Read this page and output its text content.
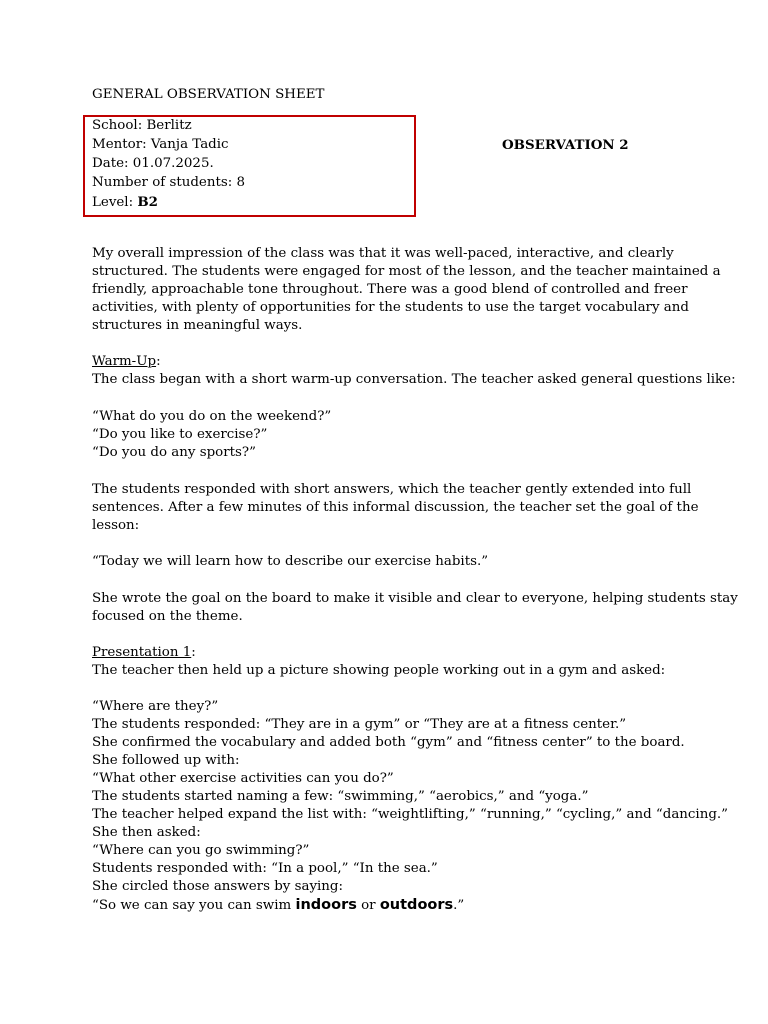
GENERAL OBSERVATION SHEET
School: Berlitz
Mentor: Vanja Tadic
Date: 01.07.2025.
Number of students: 8
Level: B2
OBSERVATION 2
My overall impression of the class was that it was well-paced, interactive, and clearly
structured. The students were engaged for most of the lesson, and the teacher maintained a
friendly, approachable tone throughout. There was a good blend of controlled and freer
activities, with plenty of opportunities for the students to use the target vocabulary and
structures in meaningful ways.
Warm-Up:
The class began with a short warm-up conversation. The teacher asked general questions like:
“What do you do on the weekend?”
“Do you like to exercise?”
“Do you do any sports?”
The students responded with short answers, which the teacher gently extended into full
sentences. After a few minutes of this informal discussion, the teacher set the goal of the
lesson:
“Today we will learn how to describe our exercise habits.”
She wrote the goal on the board to make it visible and clear to everyone, helping students stay
focused on the theme.
Presentation 1:
The teacher then held up a picture showing people working out in a gym and asked:
“Where are they?”
The students responded: “They are in a gym” or “They are at a fitness center.”
She confirmed the vocabulary and added both “gym” and “fitness center” to the board.
She followed up with:
“What other exercise activities can you do?”
The students started naming a few: “swimming,” “aerobics,” and “yoga.”
The teacher helped expand the list with: “weightlifting,” “running,” “cycling,” and “dancing.”
She then asked:
“Where can you go swimming?”
Students responded with: “In a pool,” “In the sea.”
She circled those answers by saying:
“So we can say you can swim indoors or outdoors.”
